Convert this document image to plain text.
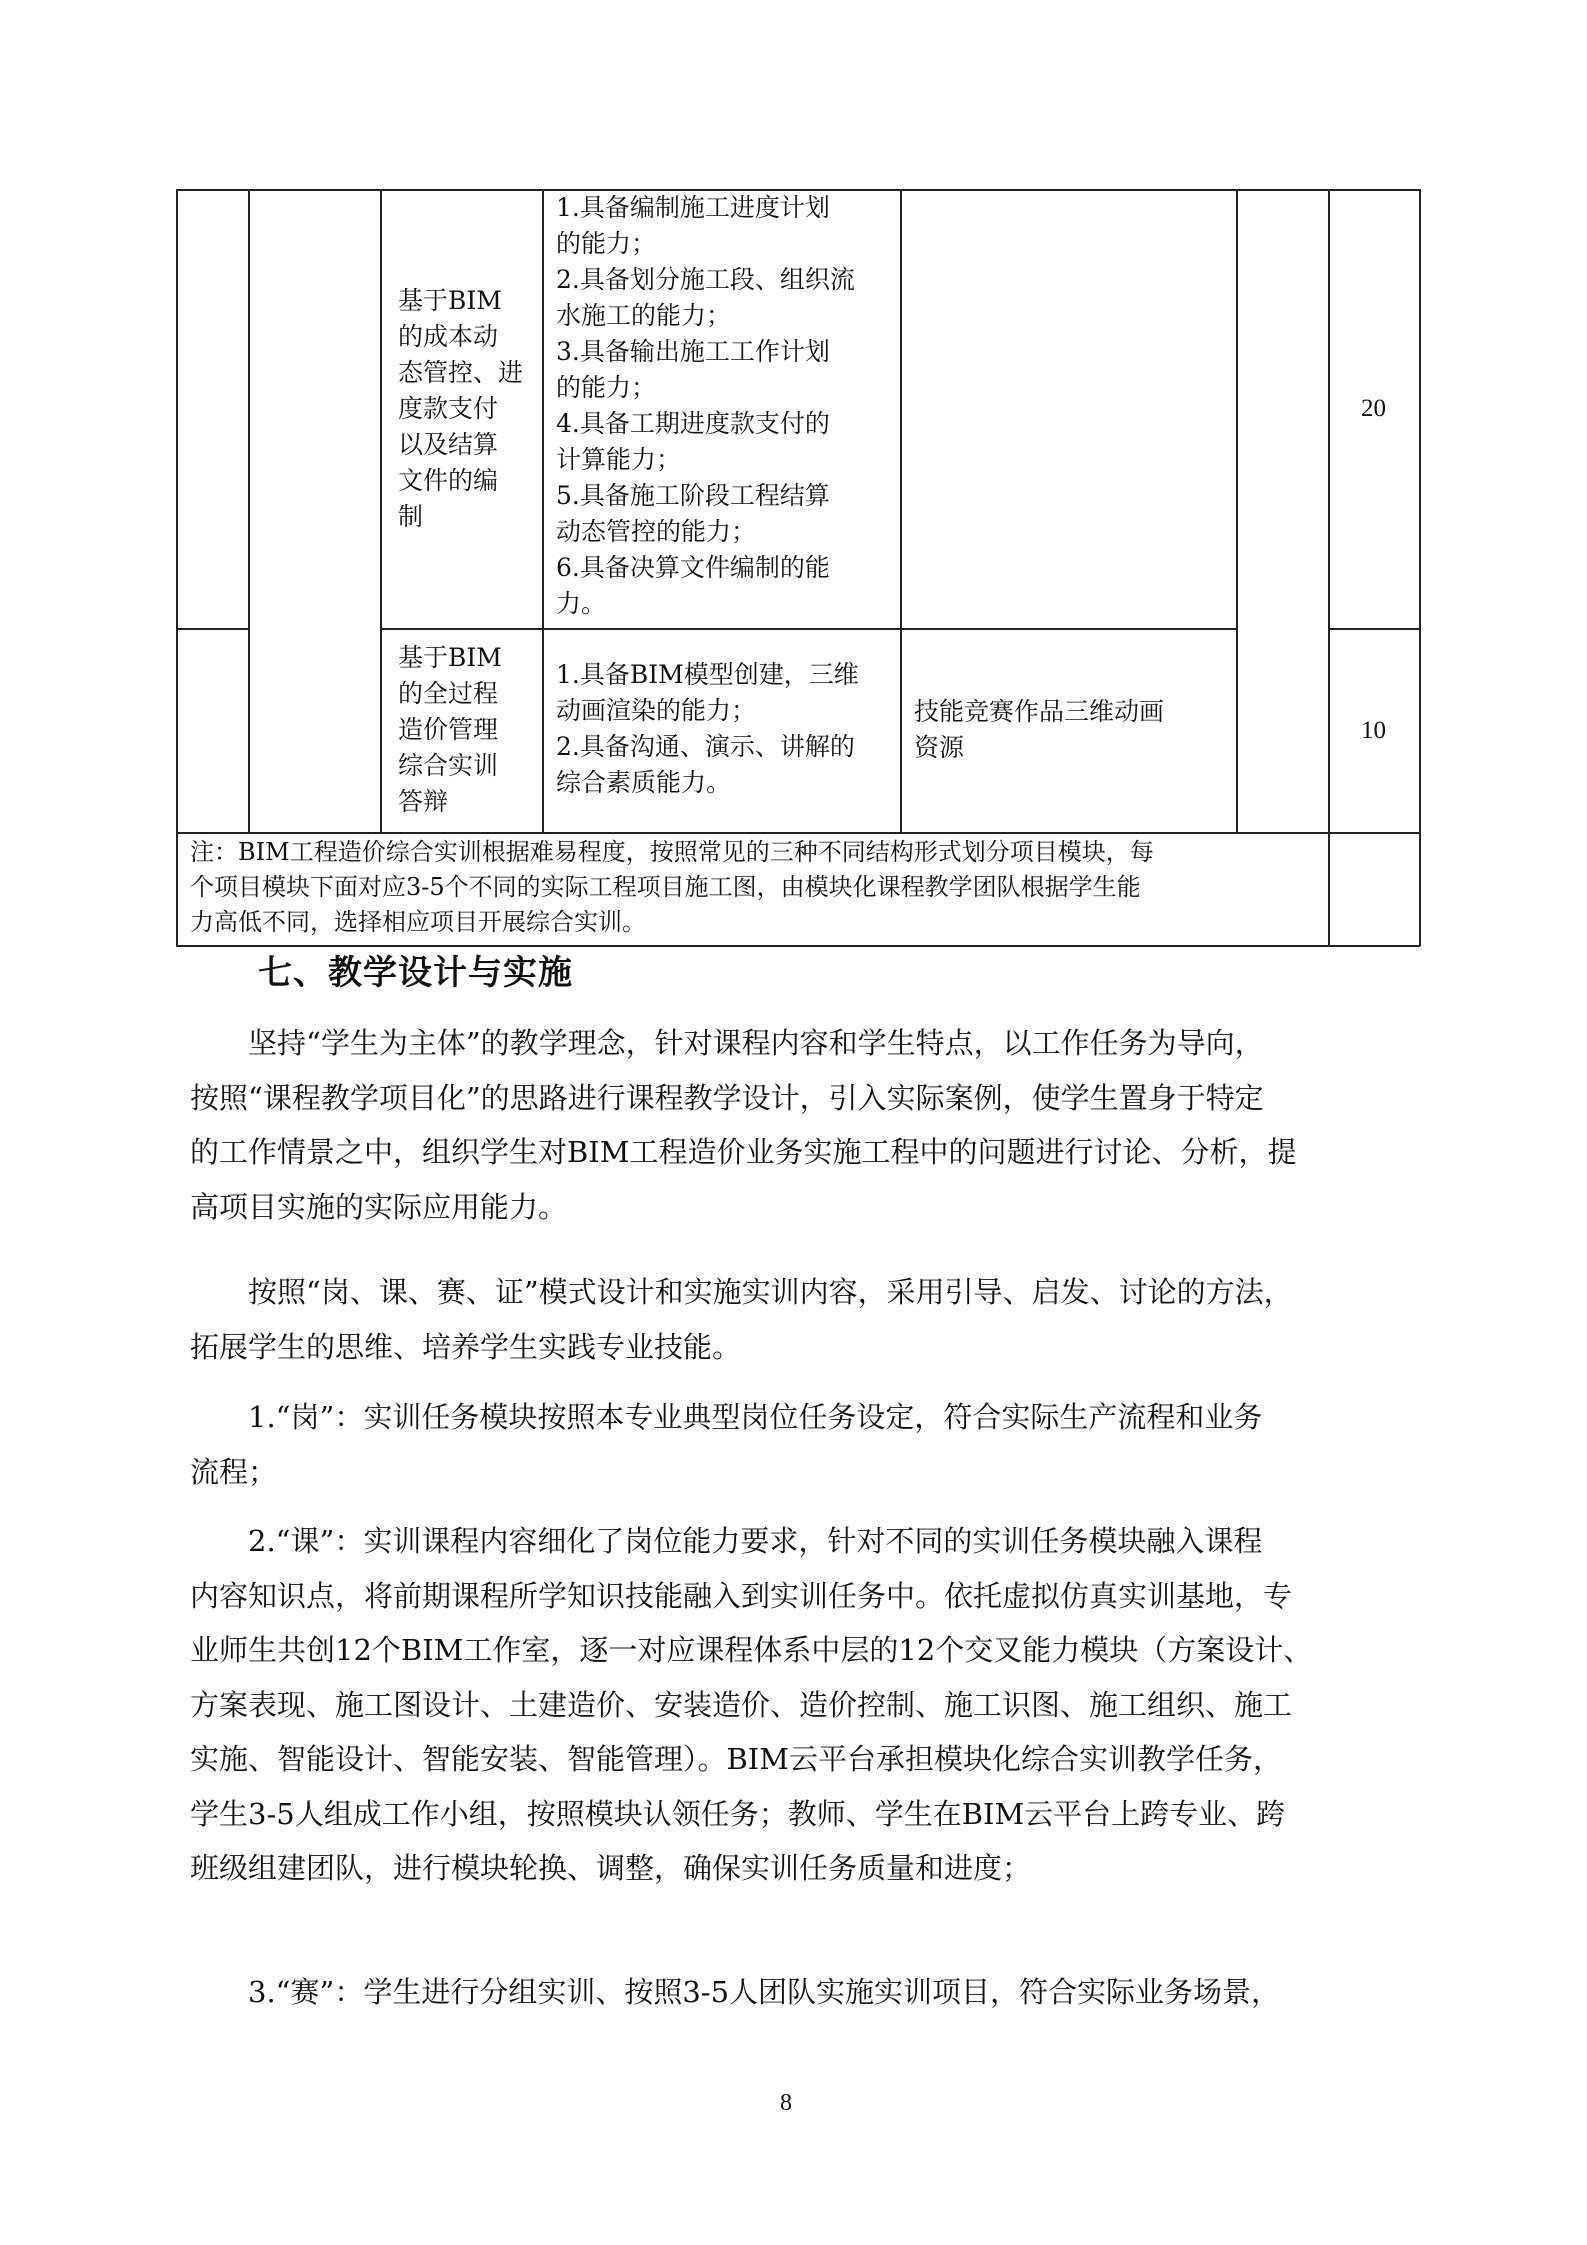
基于BIM
的成本动
态管控、进
度款支付
以及结算
文件的编
制
1.具备编制施工进度计划
的能力；
2.具备划分施工段、组织流
水施工的能力；
3.具备输出施工工作计划
的能力；
4.具备工期进度款支付的
计算能力；
5.具备施工阶段工程结算
动态管控的能力；
6.具备决算文件编制的能
力。
20
基于BIM
的全过程
造价管理
综合实训
答辩
1.具备BIM模型创建，三维
动画渲染的能力；
2.具备沟通、演示、讲解的
综合素质能力。
技能竞赛作品三维动画
资源
10
注：BIM工程造价综合实训根据难易程度，按照常见的三种不同结构形式划分项目模块，每
个项目模块下面对应3-5个不同的实际工程项目施工图，由模块化课程教学团队根据学生能
力高低不同，选择相应项目开展综合实训。
七、教学设计与实施
　　坚持“学生为主体”的教学理念，针对课程内容和学生特点，以工作任务为导向，
按照“课程教学项目化”的思路进行课程教学设计，引入实际案例，使学生置身于特定
的工作情景之中，组织学生对BIM工程造价业务实施工程中的问题进行讨论、分析，提
高项目实施的实际应用能力。
　　按照“岗、课、赛、证”模式设计和实施实训内容，采用引导、启发、讨论的方法，
拓展学生的思维、培养学生实践专业技能。
　　1.“岗”：实训任务模块按照本专业典型岗位任务设定，符合实际生产流程和业务
流程；
　　2.“课”：实训课程内容细化了岗位能力要求，针对不同的实训任务模块融入课程
内容知识点，将前期课程所学知识技能融入到实训任务中。依托虚拟仿真实训基地，专
业师生共创12个BIM工作室，逐一对应课程体系中层的12个交叉能力模块（方案设计、
方案表现、施工图设计、土建造价、安装造价、造价控制、施工识图、施工组织、施工
实施、智能设计、智能安装、智能管理）。BIM云平台承担模块化综合实训教学任务，
学生3-5人组成工作小组，按照模块认领任务；教师、学生在BIM云平台上跨专业、跨
班级组建团队，进行模块轮换、调整，确保实训任务质量和进度；
　　3.“赛”：学生进行分组实训、按照3-5人团队实施实训项目，符合实际业务场景，
8
